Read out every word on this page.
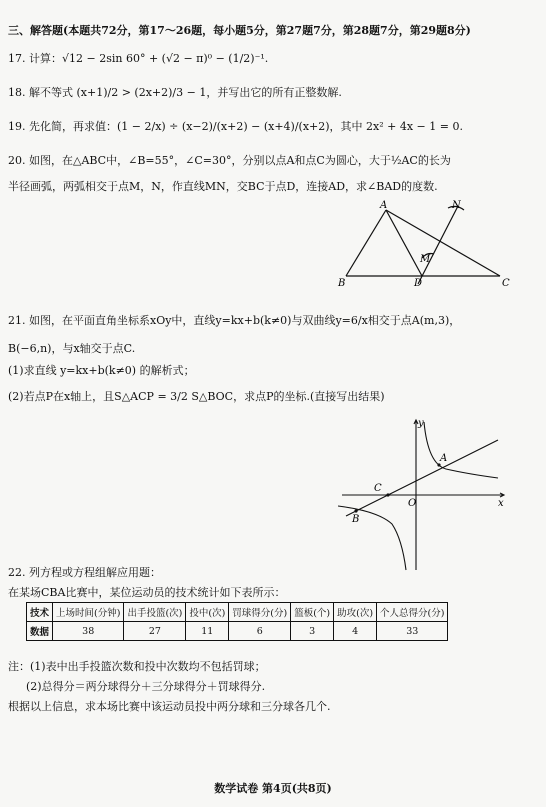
三、解答题(本题共72分，第17～26题，每小题5分，第27题7分，第28题7分，第29题8分)
17. 计算：√12 − 2sin 60° + (√2 − π)⁰ − (1/2)⁻¹.
18. 解不等式 (x+1)/2 > (2x+2)/3 − 1，并写出它的所有正整数解.
19. 先化简，再求值：(1 − 2/x) ÷ (x−2)/(x+2) − (x+4)/(x+2)，其中 2x² + 4x − 1 = 0.
20. 如图，在△ABC中，∠B=55°，∠C=30°，分别以点A和点C为圆心，大于½AC的长为
半径画弧，两弧相交于点M，N，作直线MN，交BC于点D，连接AD，求∠BAD的度数.
A
B	C
D
M
N
21. 如图，在平面直角坐标系xOy中，直线y=kx+b(k≠0)与双曲线y=6/x相交于点A(m,3)，
B(−6,n)，与x轴交于点C.
(1)求直线 y=kx+b(k≠0) 的解析式；
(2)若点P在x轴上，且S△ACP = 3/2 S△BOC，求点P的坐标.(直接写出结果)
y
x
A
B
C
O
22. 列方程或方程组解应用题：
在某场CBA比赛中，某位运动员的技术统计如下表所示：
技术	上场时间(分钟)	出手投篮(次)	投中(次)	罚球得分(分)	篮板(个)	助攻(次)	个人总得分(分)
数据	38	27	11	6	3	4	33
注：(1)表中出手投篮次数和投中次数均不包括罚球；
(2)总得分＝两分球得分＋三分球得分＋罚球得分.
根据以上信息，求本场比赛中该运动员投中两分球和三分球各几个.
数学试卷 第4页(共8页)
